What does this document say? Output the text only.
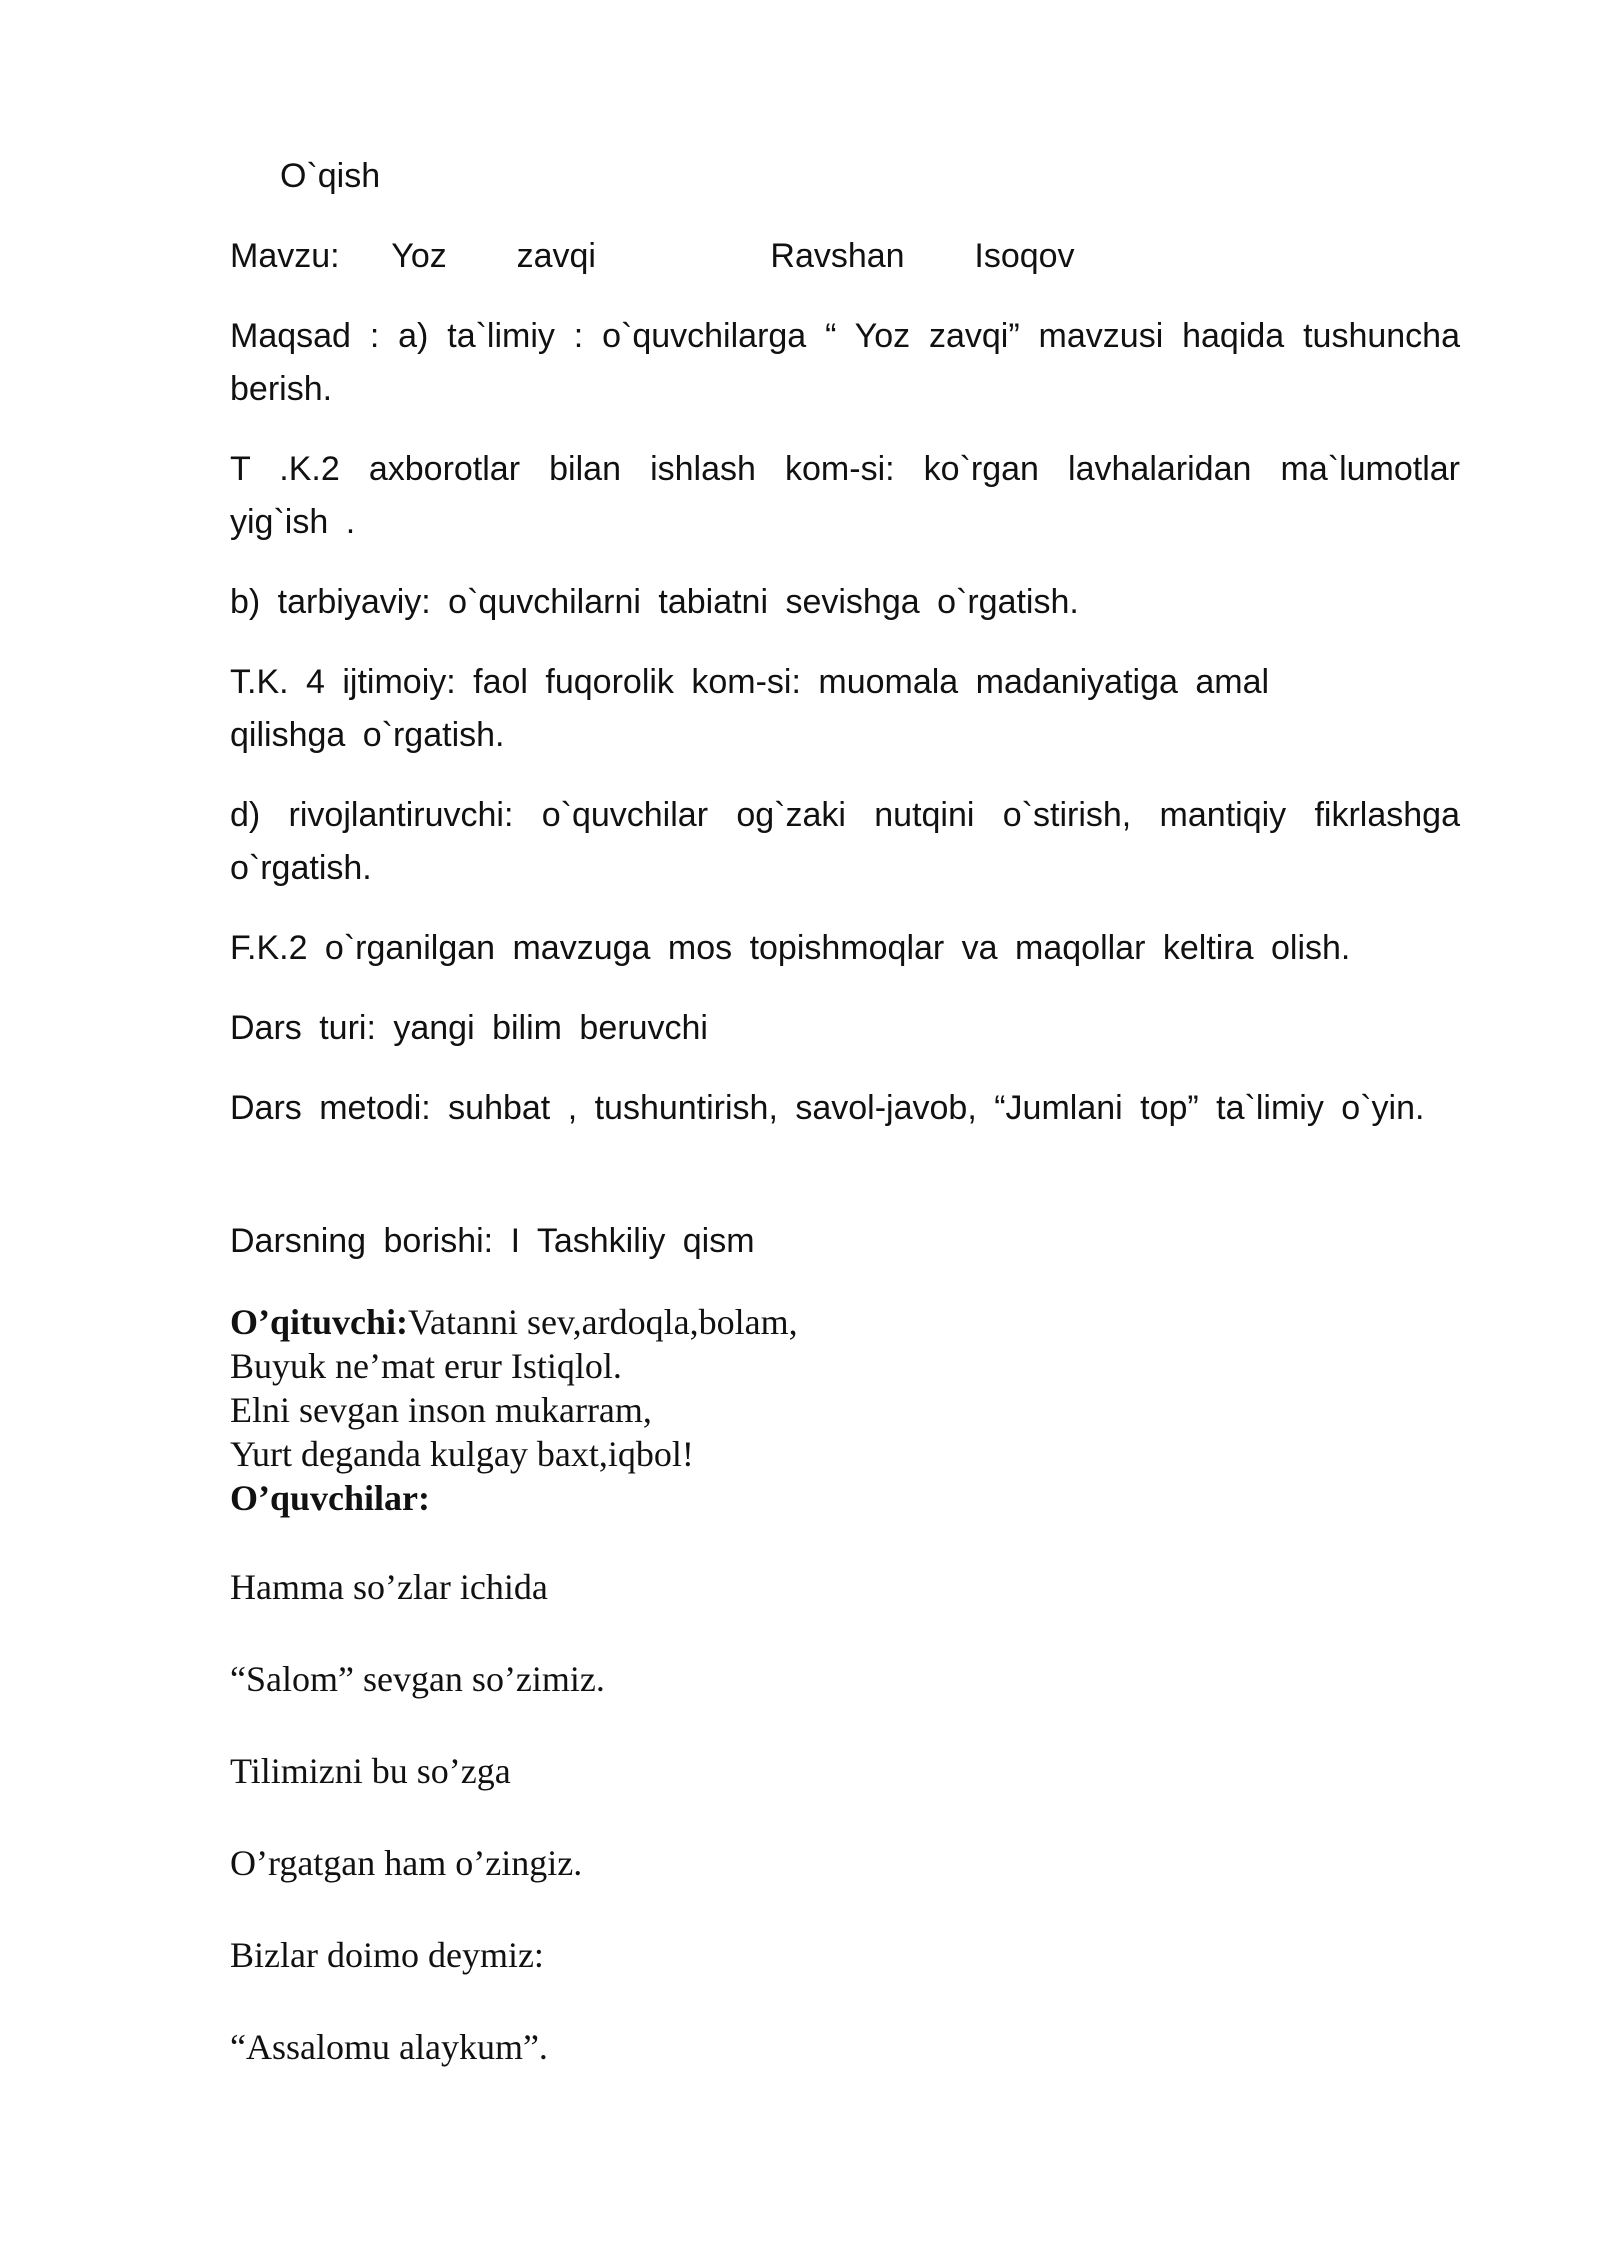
O`qish

Mavzu:   Yoz    zavqi          Ravshan    Isoqov

Maqsad : a) ta`limiy : o`quvchilarga “ Yoz zavqi” mavzusi haqida tushuncha berish.

T .K.2 axborotlar bilan ishlash kom-si: ko`rgan lavhalaridan ma`lumotlar yig`ish .

b) tarbiyaviy: o`quvchilarni tabiatni sevishga o`rgatish.

T.K. 4 ijtimoiy: faol fuqorolik kom-si: muomala madaniyatiga amal qilishga o`rgatish.

d) rivojlantiruvchi: o`quvchilar og`zaki nutqini o`stirish, mantiqiy fikrlashga o`rgatish.

F.K.2 o`rganilgan mavzuga mos topishmoqlar va maqollar keltira olish.

Dars turi: yangi bilim beruvchi

Dars metodi: suhbat , tushuntirish, savol-javob, “Jumlani top” ta`limiy o`yin.

Darsning borishi: I Tashkiliy qism

O’qituvchi:Vatanni sev,ardoqla,bolam,
Buyuk ne’mat erur Istiqlol.
Elni sevgan inson mukarram,
Yurt deganda kulgay baxt,iqbol!
O’quvchilar:

Hamma so’zlar ichida

“Salom” sevgan so’zimiz.

Tilimizni bu so’zga

O’rgatgan ham o’zingiz.

Bizlar doimo deymiz:

“Assalomu alaykum”.
